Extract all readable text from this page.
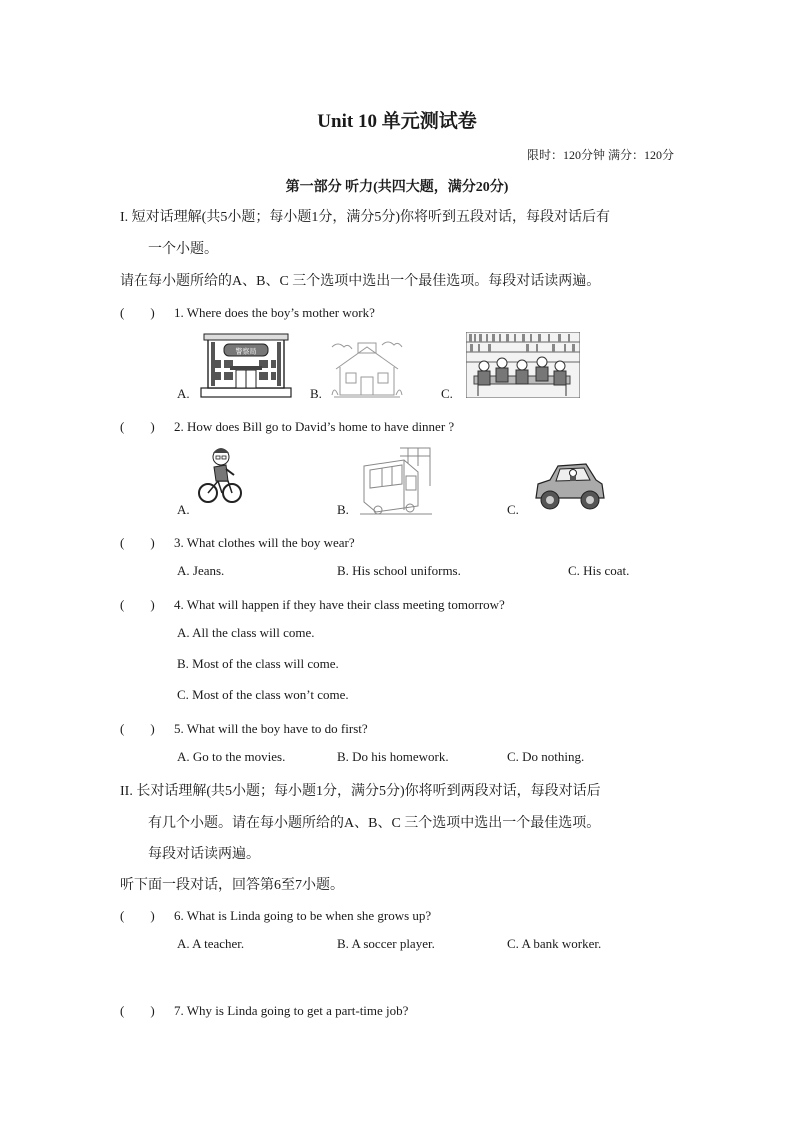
Unit 10 单元测试卷
限时：120分钟 满分：120分
第一部分 听力(共四大题，满分20分)
I. 短对话理解(共5小题；每小题1分，满分5分)你将听到五段对话，每段对话后有
一个小题。
请在每小题所给的A、B、C 三个选项中选出一个最佳选项。每段对话读两遍。
(　　) 1. Where does the boy’s mother work?
A.	B.	C.
警察局
(　　) 2. How does Bill go to David’s home to have dinner ?
A.	B.	C.
(　　) 3. What clothes will the boy wear?
A. Jeans.	B. His school uniforms.	C. His coat.
(　　) 4. What will happen if they have their class meeting tomorrow?
A. All the class will come.
B. Most of the class will come.
C. Most of the class won’t come.
(　　) 5. What will the boy have to do first?
A. Go to the movies.	B. Do his homework.	C. Do nothing.
II. 长对话理解(共5小题；每小题1分，满分5分)你将听到两段对话，每段对话后
有几个小题。请在每小题所给的A、B、C 三个选项中选出一个最佳选项。
每段对话读两遍。
听下面一段对话，回答第6至7小题。
(　　) 6. What is Linda going to be when she grows up?
A. A teacher.	B. A soccer player.	C. A bank worker.
(　　) 7. Why is Linda going to get a part-time job?
